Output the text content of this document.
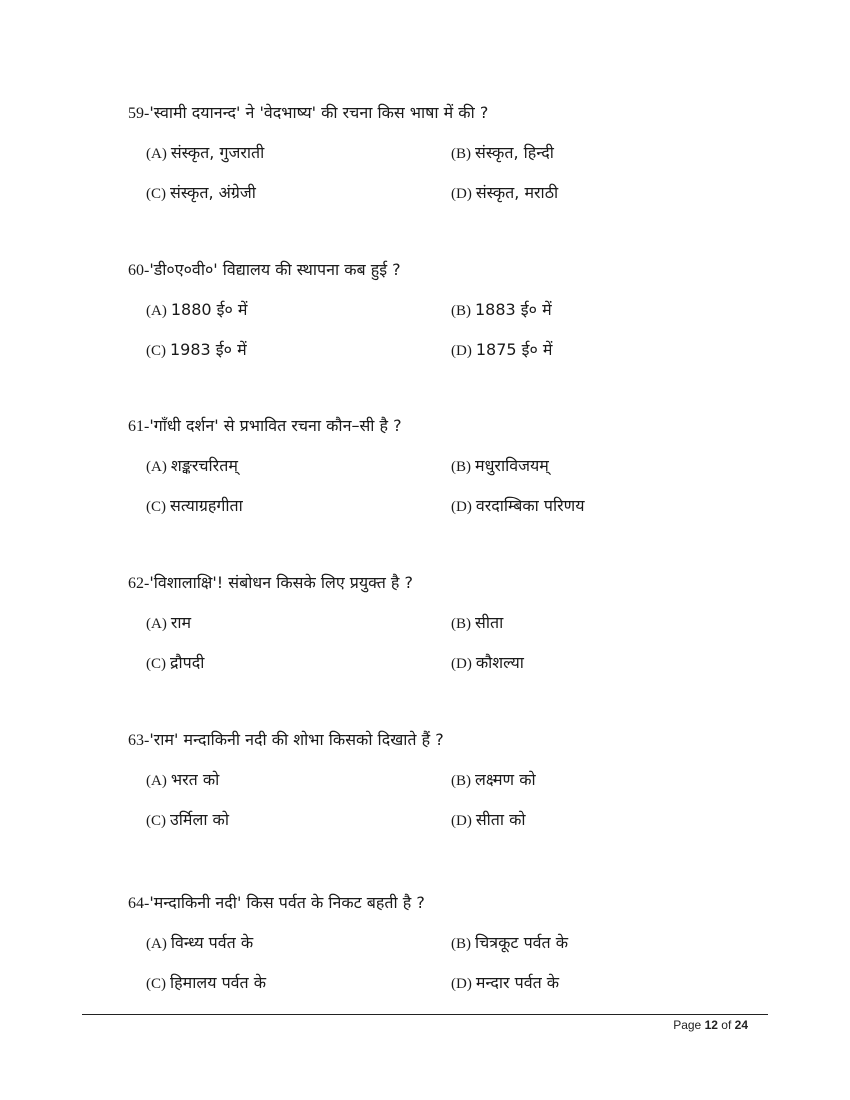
59-'स्वामी दयानन्द' ने 'वेदभाष्य' की रचना किस भाषा में की ?
(A) संस्कृत, गुजराती	(B) संस्कृत, हिन्दी
(C) संस्कृत, अंग्रेजी	(D) संस्कृत, मराठी
60-'डी०ए०वी०' विद्यालय की स्थापना कब हुई ?
(A) 1880 ई० में	(B) 1883 ई० में
(C) 1983 ई० में	(D) 1875 ई० में
61-'गाँधी दर्शन' से प्रभावित रचना कौन–सी है ?
(A) शङ्करचरितम्	(B) मधुराविजयम्
(C) सत्याग्रहगीता	(D) वरदाम्बिका परिणय
62-'विशालाक्षि'! संबोधन किसके लिए प्रयुक्त है ?
(A) राम	(B) सीता
(C) द्रौपदी	(D) कौशल्या
63-'राम' मन्दाकिनी नदी की शोभा किसको दिखाते हैं ?
(A) भरत को	(B) लक्ष्मण को
(C) उर्मिला को	(D) सीता को
64-'मन्दाकिनी नदी' किस पर्वत के निकट बहती है ?
(A) विन्ध्य पर्वत के	(B) चित्रकूट पर्वत के
(C) हिमालय पर्वत के	(D) मन्दार पर्वत के
Page 12 of 24
